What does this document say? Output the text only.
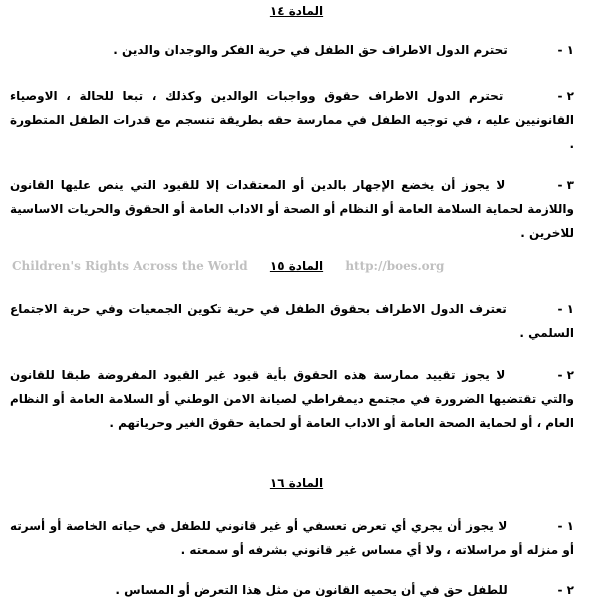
المادة ١٤
١ - تحترم الدول الاطراف حق الطفل في حرية الفكر والوجدان والدين .
٢ - تحترم الدول الاطراف حقوق وواجبات الوالدين وكذلك ، تبعا للحالة ، الاوصياء القانونيين عليه ، في توجيه الطفل في ممارسة حقه بطريقة تنسجم مع قدرات الطفل المتطورة .
٣ - لا يجوز أن يخضع الإجهار بالدين أو المعتقدات إلا للقيود التي ينص عليها القانون واللازمة لحماية السلامة العامة أو النظام أو الصحة أو الاداب العامة أو الحقوق والحريات الاساسية للاخرين .
Children's Rights Across the World المادة ١٥ http://boes.org
١ - تعترف الدول الاطراف بحقوق الطفل في حرية تكوين الجمعيات وفي حرية الاجتماع السلمي .
٢ - لا يجوز تقييد ممارسة هذه الحقوق بأية قيود غير القيود المفروضة طبقا للقانون والتي تقتضيها الضرورة في مجتمع ديمقراطي لصيانة الامن الوطني أو السلامة العامة أو النظام العام ، أو لحماية الصحة العامة أو الاداب العامة أو لحماية حقوق الغير وحرياتهم .
المادة ١٦
١ - لا يجوز أن يجري أي تعرض تعسفي أو غير قانوني للطفل في حياته الخاصة أو أسرته أو منزله أو مراسلاته ، ولا أي مساس غير قانوني بشرفه أو سمعته .
٢ - للطفل حق في أن يحميه القانون من مثل هذا التعرض أو المساس .
